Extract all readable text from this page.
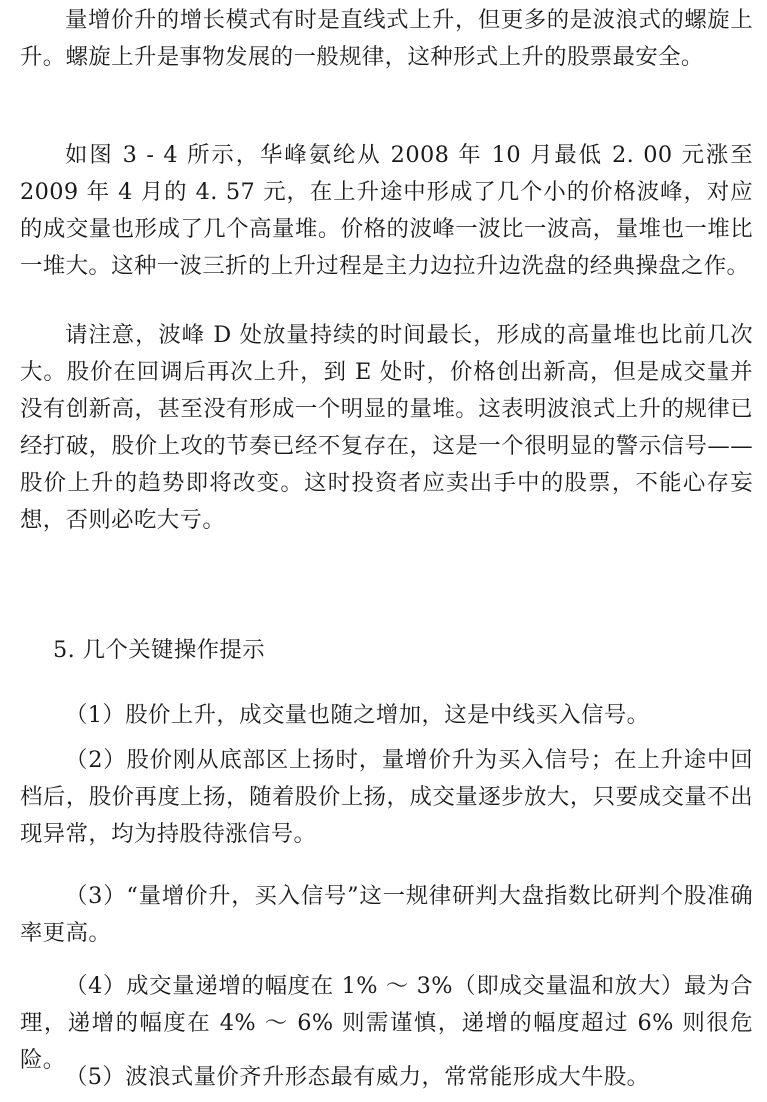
量增价升的增长模式有时是直线式上升，但更多的是波浪式的螺旋上升。螺旋上升是事物发展的一般规律，这种形式上升的股票最安全。

如图 3 - 4 所示，华峰氨纶从 2008 年 10 月最低 2. 00 元涨至 2009 年 4 月的 4. 57 元，在上升途中形成了几个小的价格波峰，对应的成交量也形成了几个高量堆。价格的波峰一波比一波高，量堆也一堆比一堆大。这种一波三折的上升过程是主力边拉升边洗盘的经典操盘之作。

请注意，波峰 D 处放量持续的时间最长，形成的高量堆也比前几次大。股价在回调后再次上升，到 E 处时，价格创出新高，但是成交量并没有创新高，甚至没有形成一个明显的量堆。这表明波浪式上升的规律已经打破，股价上攻的节奏已经不复存在，这是一个很明显的警示信号——股价上升的趋势即将改变。这时投资者应卖出手中的股票，不能心存妄想，否则必吃大亏。

5. 几个关键操作提示

（1）股价上升，成交量也随之增加，这是中线买入信号。

（2）股价刚从底部区上扬时，量增价升为买入信号；在上升途中回档后，股价再度上扬，随着股价上扬，成交量逐步放大，只要成交量不出现异常，均为持股待涨信号。

（3）“量增价升，买入信号”这一规律研判大盘指数比研判个股准确率更高。

（4）成交量递增的幅度在 1% ～ 3%（即成交量温和放大）最为合理，递增的幅度在 4% ～ 6% 则需谨慎，递增的幅度超过 6% 则很危险。

（5）波浪式量价齐升形态最有威力，常常能形成大牛股。
